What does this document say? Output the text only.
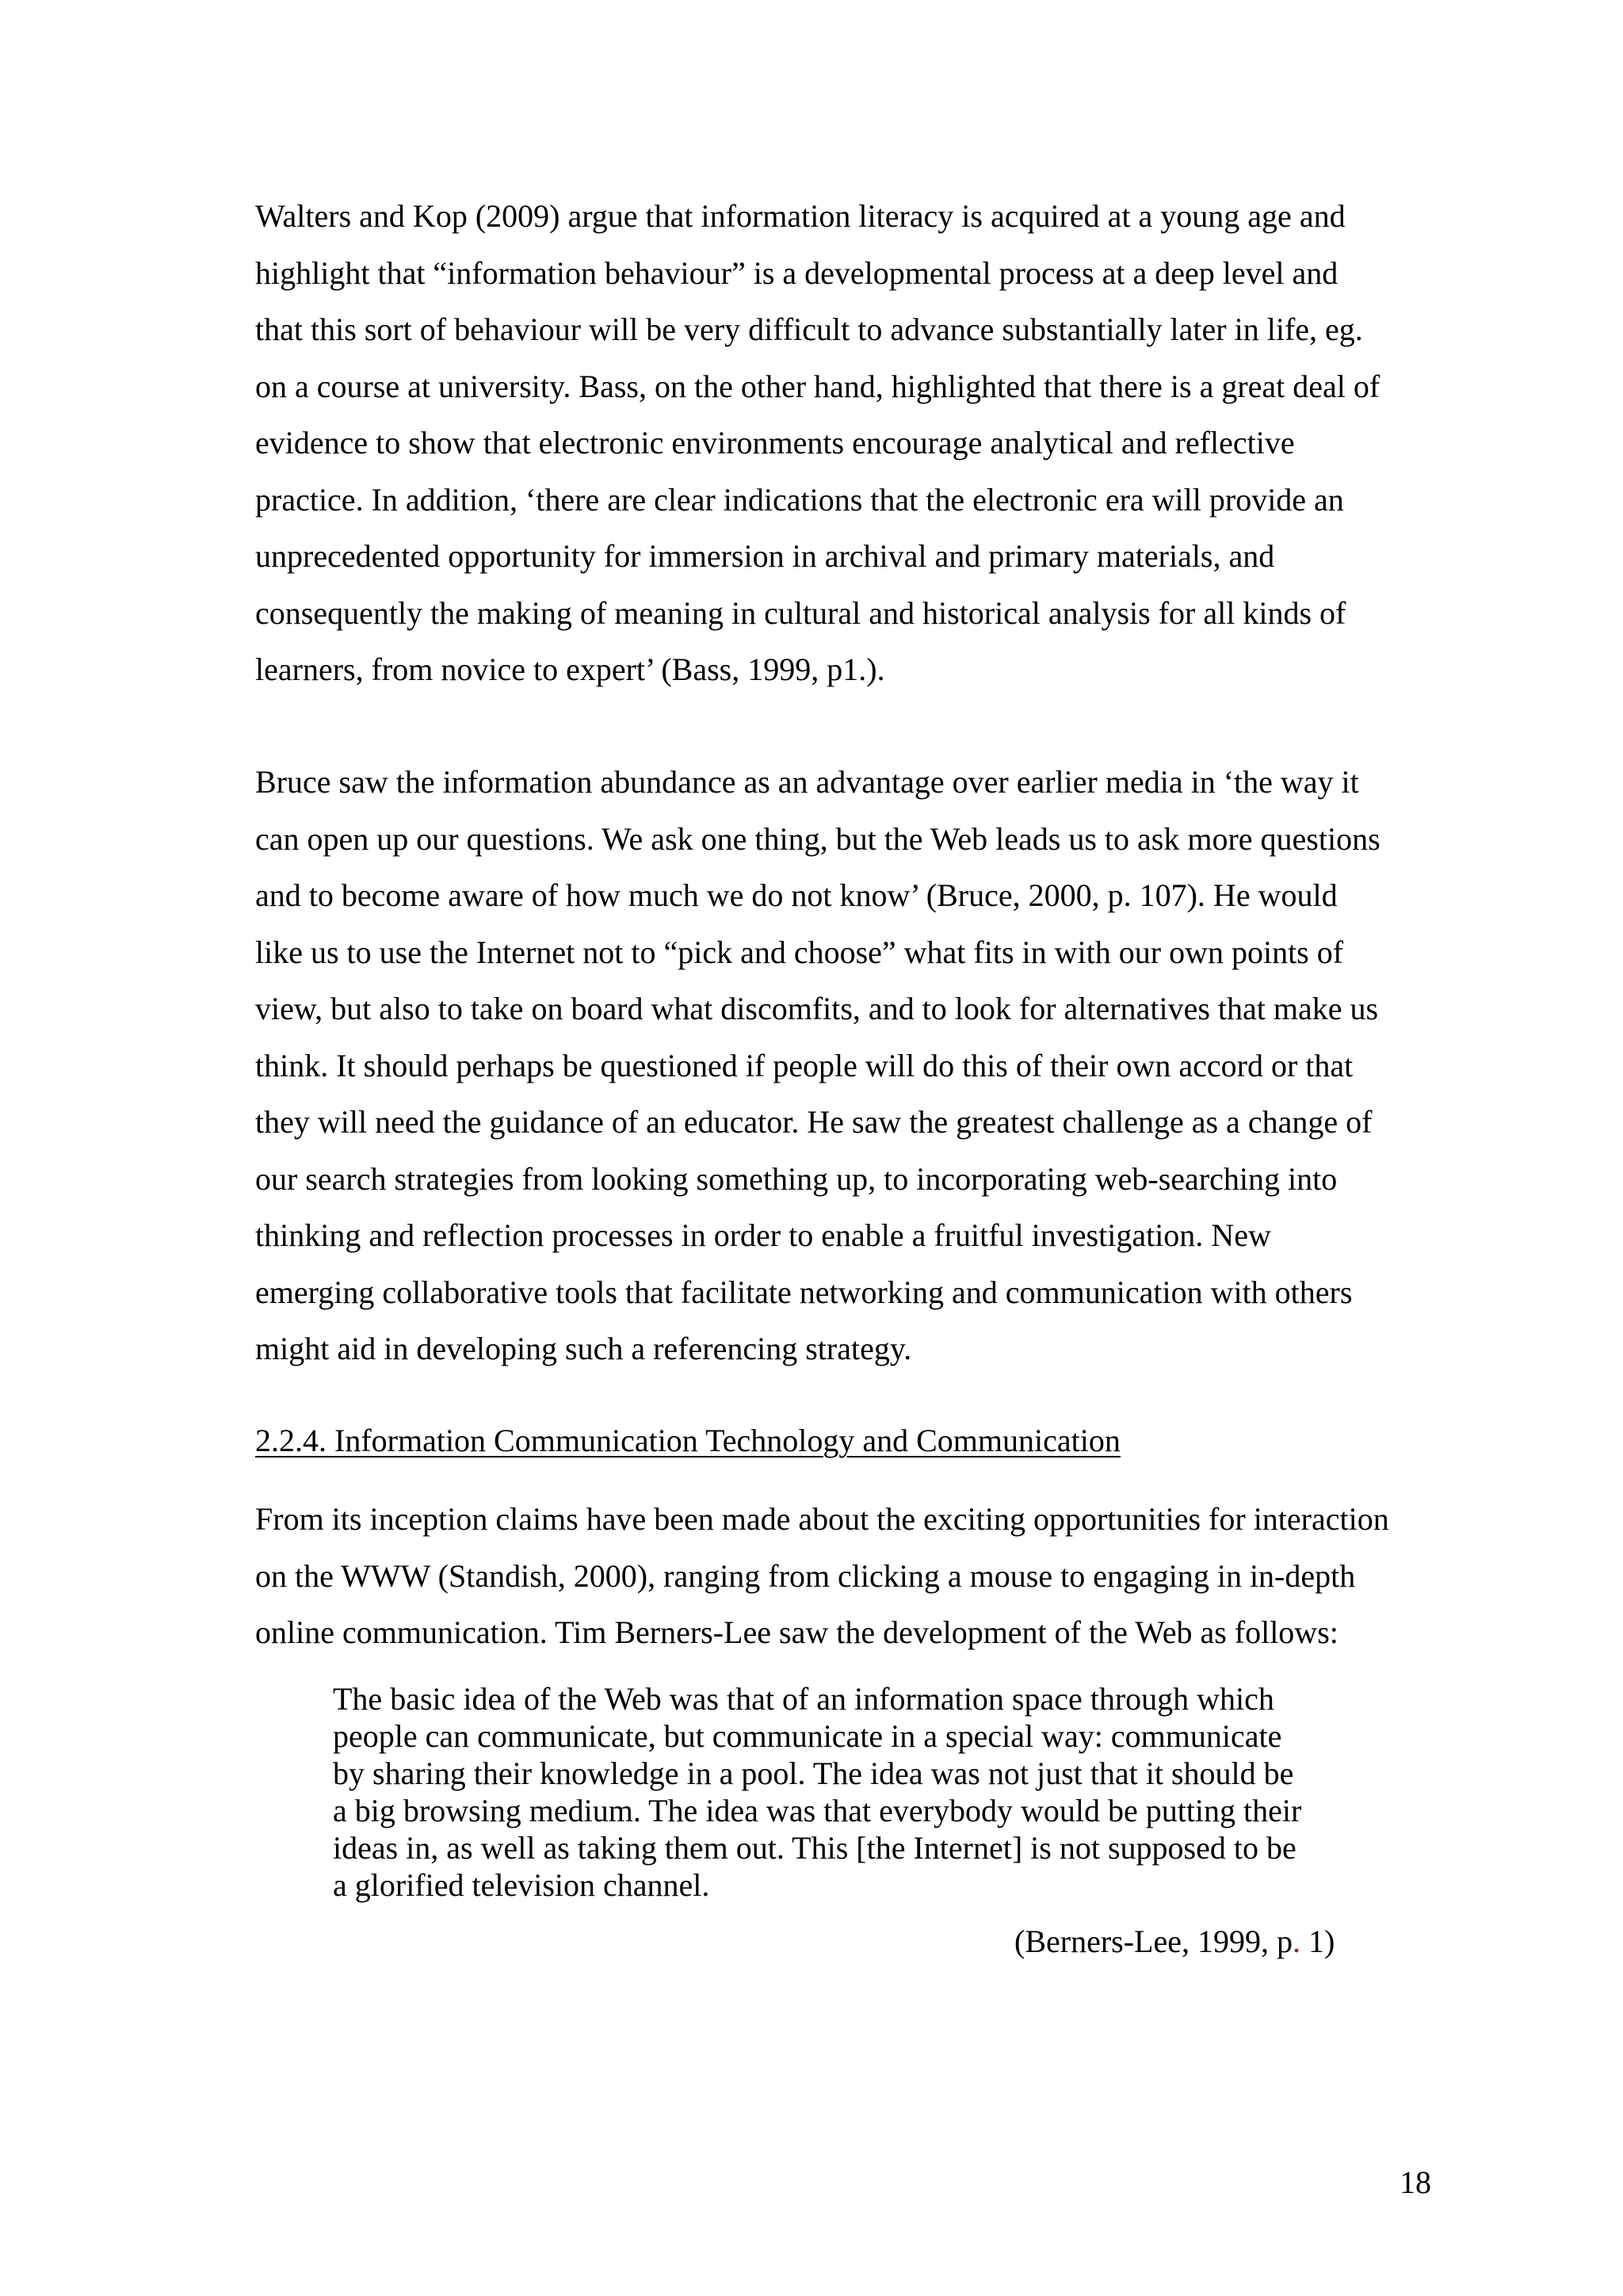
Walters and Kop (2009) argue that information literacy is acquired at a young age and
highlight that “information behaviour” is a developmental process at a deep level and
that this sort of behaviour will be very difficult to advance substantially later in life, eg.
on a course at university. Bass, on the other hand, highlighted that there is a great deal of
evidence to show that electronic environments encourage analytical and reflective
practice. In addition, ‘there are clear indications that the electronic era will provide an
unprecedented opportunity for immersion in archival and primary materials, and
consequently the making of meaning in cultural and historical analysis for all kinds of
learners, from novice to expert’ (Bass, 1999, p1.).

Bruce saw the information abundance as an advantage over earlier media in ‘the way it
can open up our questions. We ask one thing, but the Web leads us to ask more questions
and to become aware of how much we do not know’ (Bruce, 2000, p. 107). He would
like us to use the Internet not to “pick and choose” what fits in with our own points of
view, but also to take on board what discomfits, and to look for alternatives that make us
think. It should perhaps be questioned if people will do this of their own accord or that
they will need the guidance of an educator. He saw the greatest challenge as a change of
our search strategies from looking something up, to incorporating web-searching into
thinking and reflection processes in order to enable a fruitful investigation. New
emerging collaborative tools that facilitate networking and communication with others
might aid in developing such a referencing strategy.

2.2.4. Information Communication Technology and Communication

From its inception claims have been made about the exciting opportunities for interaction
on the WWW (Standish, 2000), ranging from clicking a mouse to engaging in in-depth
online communication. Tim Berners-Lee saw the development of the Web as follows:

The basic idea of the Web was that of an information space through which
people can communicate, but communicate in a special way: communicate
by sharing their knowledge in a pool. The idea was not just that it should be
a big browsing medium. The idea was that everybody would be putting their
ideas in, as well as taking them out. This [the Internet] is not supposed to be
a glorified television channel.
(Berners-Lee, 1999, p. 1)
18
